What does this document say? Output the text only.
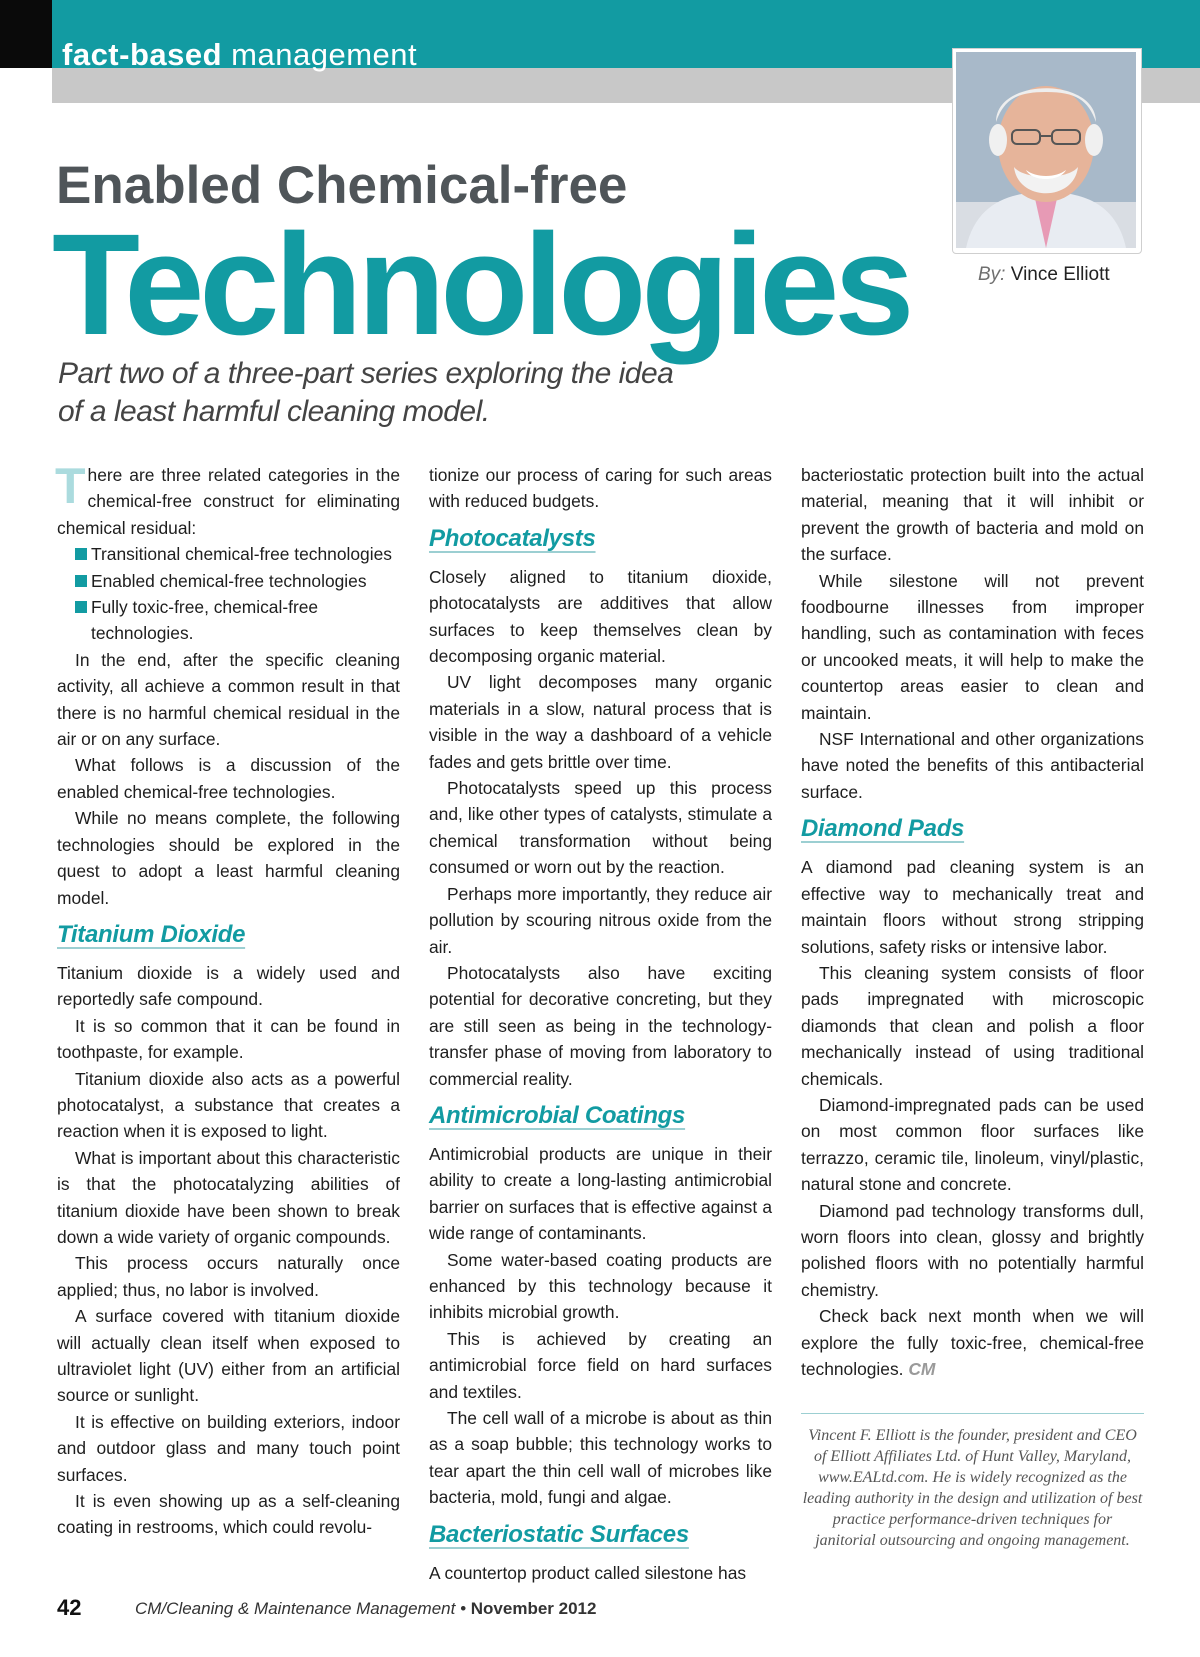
fact-based management
By: Vince Elliott
Enabled Chemical-free
Technologies
Part two of a three-part series exploring the idea of a least harmful cleaning model.

There are three related categories in the chemical-free construct for eliminating chemical residual:

Transitional chemical-free technologies
Enabled chemical-free technologies
Fully toxic-free, chemical-free technologies.

In the end, after the specific cleaning activity, all achieve a common result in that there is no harmful chemical residual in the air or on any surface.

What follows is a discussion of the enabled chemical-free technologies.

While no means complete, the following technologies should be explored in the quest to adopt a least harmful cleaning model.

Titanium Dioxide

Titanium dioxide is a widely used and reportedly safe compound.

It is so common that it can be found in toothpaste, for example.

Titanium dioxide also acts as a powerful photocatalyst, a substance that creates a reaction when it is exposed to light.

What is important about this characteristic is that the photocatalyzing abilities of titanium dioxide have been shown to break down a wide variety of organic compounds.

This process occurs naturally once applied; thus, no labor is involved.

A surface covered with titanium dioxide will actually clean itself when exposed to ultraviolet light (UV) either from an artificial source or sunlight.

It is effective on building exteriors, indoor and outdoor glass and many touch point surfaces.

It is even showing up as a self-cleaning coating in restrooms, which could revolu-

tionize our process of caring for such areas with reduced budgets.

Photocatalysts

Closely aligned to titanium dioxide, photocatalysts are additives that allow surfaces to keep themselves clean by decomposing organic material.

UV light decomposes many organic materials in a slow, natural process that is visible in the way a dashboard of a vehicle fades and gets brittle over time.

Photocatalysts speed up this process and, like other types of catalysts, stimulate a chemical transformation without being consumed or worn out by the reaction.

Perhaps more importantly, they reduce air pollution by scouring nitrous oxide from the air.

Photocatalysts also have exciting potential for decorative concreting, but they are still seen as being in the technology-transfer phase of moving from laboratory to commercial reality.

Antimicrobial Coatings

Antimicrobial products are unique in their ability to create a long-lasting antimicrobial barrier on surfaces that is effective against a wide range of contaminants.

Some water-based coating products are enhanced by this technology because it inhibits microbial growth.

This is achieved by creating an antimicrobial force field on hard surfaces and textiles.

The cell wall of a microbe is about as thin as a soap bubble; this technology works to tear apart the thin cell wall of microbes like bacteria, mold, fungi and algae.

Bacteriostatic Surfaces

A countertop product called silestone has

bacteriostatic protection built into the actual material, meaning that it will inhibit or prevent the growth of bacteria and mold on the surface.

While silestone will not prevent foodbourne illnesses from improper handling, such as contamination with feces or uncooked meats, it will help to make the countertop areas easier to clean and maintain.

NSF International and other organizations have noted the benefits of this antibacterial surface.

Diamond Pads

A diamond pad cleaning system is an effective way to mechanically treat and maintain floors without strong stripping solutions, safety risks or intensive labor.

This cleaning system consists of floor pads impregnated with microscopic diamonds that clean and polish a floor mechanically instead of using traditional chemicals.

Diamond-impregnated pads can be used on most common floor surfaces like terrazzo, ceramic tile, linoleum, vinyl/plastic, natural stone and concrete.

Diamond pad technology transforms dull, worn floors into clean, glossy and brightly polished floors with no potentially harmful chemistry.

Check back next month when we will explore the fully toxic-free, chemical-free technologies. CM

Vincent F. Elliott is the founder, president and CEO of Elliott Affiliates Ltd. of Hunt Valley, Maryland, www.EALtd.com. He is widely recognized as the leading authority in the design and utilization of best practice performance-driven techniques for janitorial outsourcing and ongoing management.
42	CM/Cleaning & Maintenance Management • November 2012
